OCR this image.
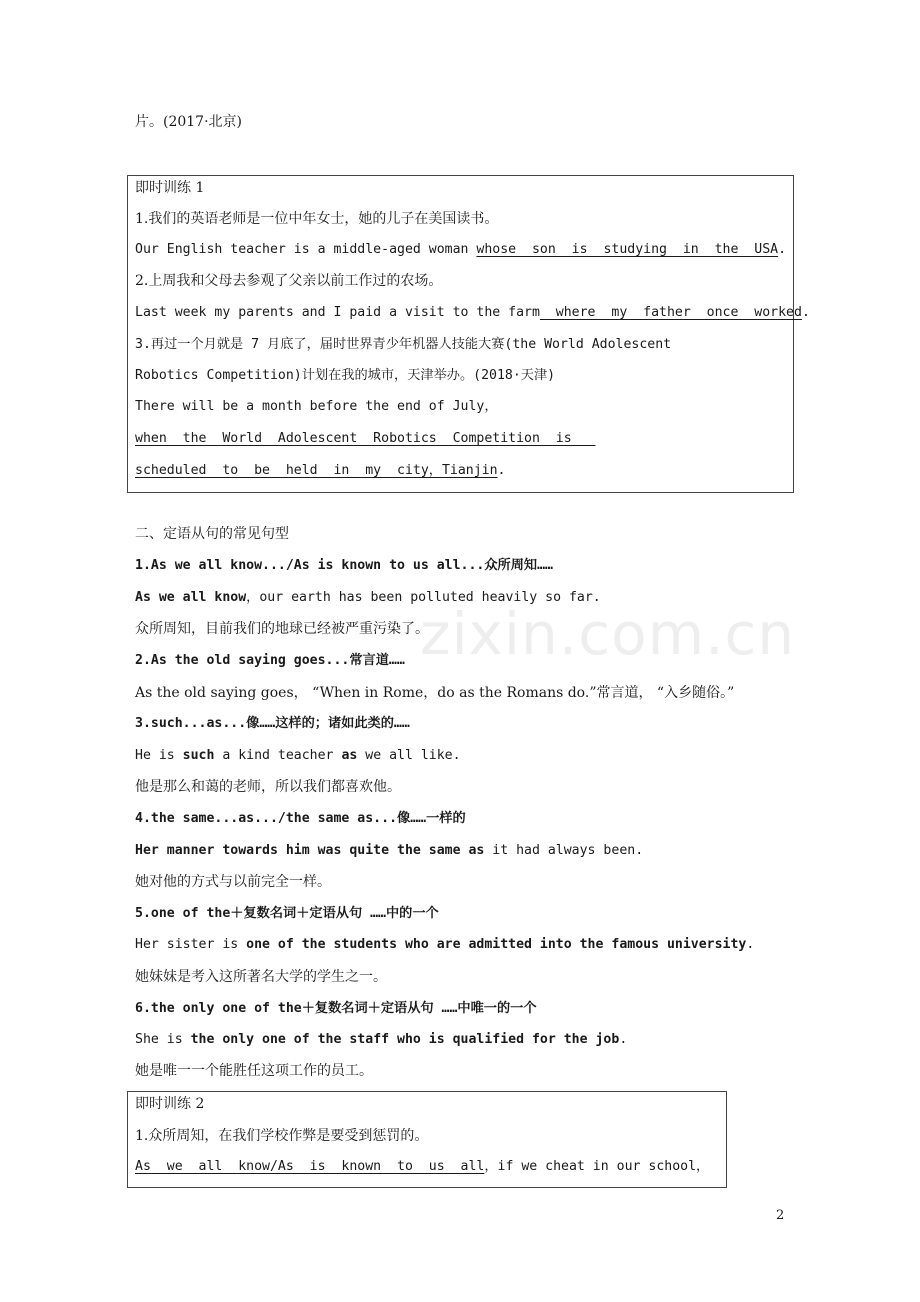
zixin.com.cn
片。(2017·北京)
即时训练 1
1.我们的英语老师是一位中年女士，她的儿子在美国读书。
Our English teacher is a middle-aged woman whose  son  is  studying  in  the  USA.
2.上周我和父母去参观了父亲以前工作过的农场。
Last week my parents and I paid a visit to the farm  where  my  father  once  worked.
3.再过一个月就是 7 月底了，届时世界青少年机器人技能大赛(the World Adolescent
Robotics Competition)计划在我的城市，天津举办。(2018·天津)
There will be a month before the end of July，
when  the  World  Adolescent  Robotics  Competition  is
scheduled  to  be  held  in  my  city，Tianjin.
二、定语从句的常见句型
1.As we all know.../As is known to us all...众所周知……
As we all know，our earth has been polluted heavily so far.
众所周知，目前我们的地球已经被严重污染了。
2.As the old saying goes...常言道……
As the old saying goes， “When in Rome，do as the Romans do.”常言道， “入乡随俗。”
3.such...as...像……这样的；诸如此类的……
He is such a kind teacher as we all like.
他是那么和蔼的老师，所以我们都喜欢他。
4.the same...as.../the same as...像……一样的
Her manner towards him was quite the same as it had always been.
她对他的方式与以前完全一样。
5.one of the＋复数名词＋定语从句 ……中的一个
Her sister is one of the students who are admitted into the famous university.
她妹妹是考入这所著名大学的学生之一。
6.the only one of the＋复数名词＋定语从句 ……中唯一的一个
She is the only one of the staff who is qualified for the job.
她是唯一一个能胜任这项工作的员工。
即时训练 2
1.众所周知，在我们学校作弊是要受到惩罚的。
As  we  all  know/As  is  known  to  us  all，if we cheat in our school，
2
